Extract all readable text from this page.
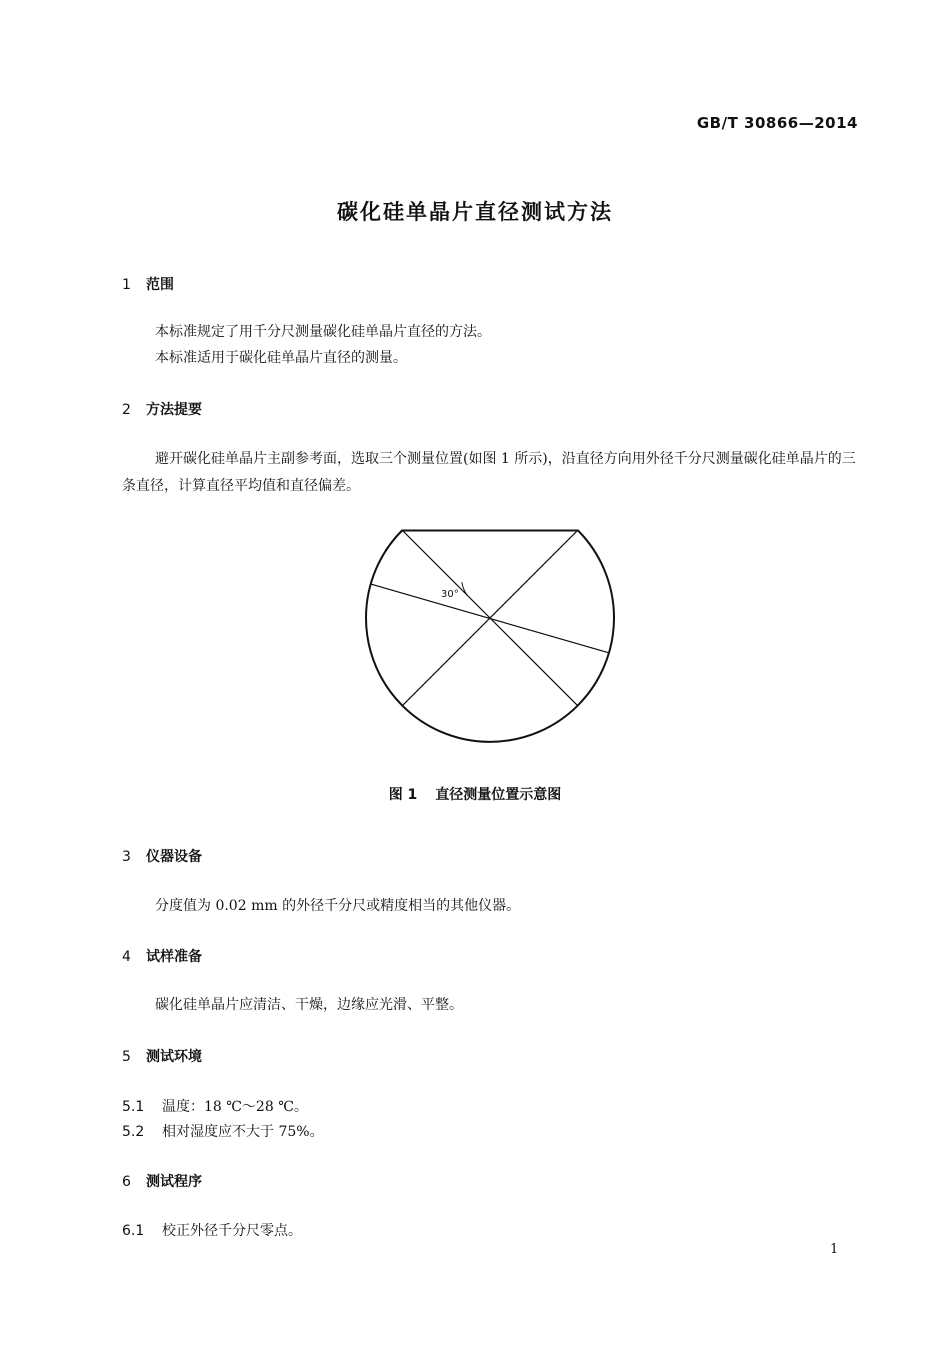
GB/T 30866—2014
碳化硅单晶片直径测试方法
1 范围
本标准规定了用千分尺测量碳化硅单晶片直径的方法。
本标准适用于碳化硅单晶片直径的测量。
2 方法提要
避开碳化硅单晶片主副参考面，选取三个测量位置(如图 1 所示)，沿直径方向用外径千分尺测量碳化硅单晶片的三条直径，计算直径平均值和直径偏差。
30°
图 1 直径测量位置示意图
3 仪器设备
分度值为 0.02 mm 的外径千分尺或精度相当的其他仪器。
4 试样准备
碳化硅单晶片应清洁、干燥，边缘应光滑、平整。
5 测试环境
5.1 温度：18 ℃～28 ℃。
5.2 相对湿度应不大于 75%。
6 测试程序
6.1 校正外径千分尺零点。
1
